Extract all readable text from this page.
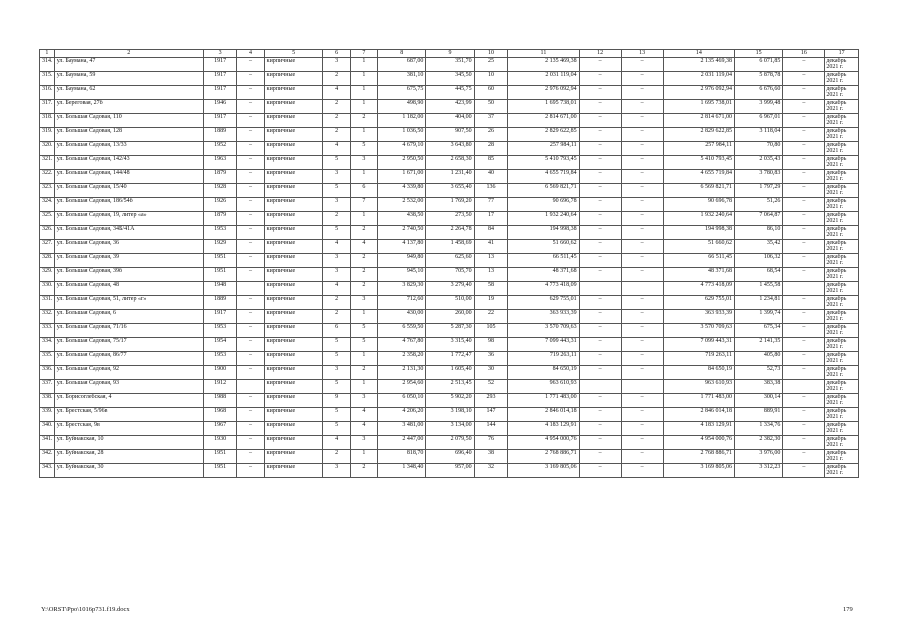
1	2	3	4	5	6	7	8	9	10	11	12	13	14	15	16	17
314.	ул. Баумана, 47	1917	–	кирпичные	3	1	687,00	351,70	25	2 135 469,38	–	–	2 135 469,38	6 071,85	–	декабрь 2021 г.
315.	ул. Баумана, 59	1917	–	кирпичные	2	1	381,10	345,50	10	2 031 119,04	–	–	2 031 119,04	5 878,78	–	декабрь 2021 г.
316.	ул. Баумана, 62	1917	–	кирпичные	4	1	675,75	445,75	60	2 976 092,94	–	–	2 976 092,94	6 676,60	–	декабрь 2021 г.
317.	ул. Береговая, 27б	1946	–	кирпичные	2	1	498,90	423,99	50	1 695 738,01	–	–	1 695 738,01	3 999,48	–	декабрь 2021 г.
318.	ул. Большая Садовая, 110	1917	–	кирпичные	2	2	1 182,00	404,00	37	2 814 671,00	–	–	2 814 671,00	6 967,01	–	декабрь 2021 г.
319.	ул. Большая Садовая, 128	1889	–	кирпичные	2	1	1 036,50	907,50	26	2 829 622,85	–	–	2 829 622,85	3 118,04	–	декабрь 2021 г.
320.	ул. Большая Садовая, 13/33	1952	–	кирпичные	4	5	4 679,10	3 643,80	28	257 984,11	–	–	257 984,11	70,80	–	декабрь 2021 г.
321.	ул. Большая Садовая, 142/43	1963	–	кирпичные	5	3	2 950,50	2 658,30	85	5 410 793,45	–	–	5 410 793,45	2 035,43	–	декабрь 2021 г.
322.	ул. Большая Садовая, 144/48	1879	–	кирпичные	3	1	1 671,00	1 231,40	40	4 655 719,84	–	–	4 655 719,84	3 780,83	–	декабрь 2021 г.
323.	ул. Большая Садовая, 15/40	1928	–	кирпичные	5	6	4 339,80	3 655,40	136	6 569 821,71	–	–	6 569 821,71	1 797,29	–	декабрь 2021 г.
324.	ул. Большая Садовая, 186/54б	1926	–	кирпичные	3	7	2 532,00	1 769,20	77	90 696,78	–	–	90 696,78	51,26	–	декабрь 2021 г.
325.	ул. Большая Садовая, 19, литер «а»	1879	–	кирпичные	2	1	438,50	273,50	17	1 932 240,64	–	–	1 932 240,64	7 064,87	–	декабрь 2021 г.
326.	ул. Большая Садовая, 34Б/41А	1953	–	кирпичные	5	2	2 740,50	2 264,78	84	194 998,38	–	–	194 998,38	86,10	–	декабрь 2021 г.
327.	ул. Большая Садовая, 36	1929	–	кирпичные	4	4	4 137,80	1 458,69	41	51 660,62	–	–	51 660,62	35,42	–	декабрь 2021 г.
328.	ул. Большая Садовая, 39	1951	–	кирпичные	3	2	949,80	625,60	13	66 511,45	–	–	66 511,45	106,32	–	декабрь 2021 г.
329.	ул. Большая Садовая, 39б	1951	–	кирпичные	3	2	945,10	705,70	13	48 371,68	–	–	48 371,68	68,54	–	декабрь 2021 г.
330.	ул. Большая Садовая, 48	1948		кирпичные	4	2	3 829,30	3 279,40	58	4 773 418,09			4 773 418,09	1 455,58		декабрь 2021 г.
331.	ул. Большая Садовая, 51, литер «г»	1889	–	кирпичные	2	3	712,60	510,00	19	629 755,01	–	–	629 755,01	1 234,81	–	декабрь 2021 г.
332.	ул. Большая Садовая, 6	1917	–	кирпичные	2	1	430,00	260,00	22	363 933,39	–	–	363 933,39	1 399,74	–	декабрь 2021 г.
333.	ул. Большая Садовая, 71/16	1953	–	кирпичные	6	5	6 559,50	5 287,30	105	3 570 709,63	–	–	3 570 709,63	675,34	–	декабрь 2021 г.
334.	ул. Большая Садовая, 75/17	1954	–	кирпичные	5	5	4 767,80	3 315,40	98	7 099 443,31	–	–	7 099 443,31	2 141,35	–	декабрь 2021 г.
335.	ул. Большая Садовая, 86/77	1953	–	кирпичные	5	1	2 358,20	1 772,47	36	719 263,11	–	–	719 263,11	405,80	–	декабрь 2021 г.
336.	ул. Большая Садовая, 92	1900	–	кирпичные	3	2	2 131,30	1 605,40	30	84 650,19	–	–	84 650,19	52,73	–	декабрь 2021 г.
337.	ул. Большая Садовая, 93	1912		кирпичные	5	1	2 954,60	2 513,45	52	963 610,93			963 610,93	383,38		декабрь 2021 г.
338.	ул. Борисоглебская, 4	1988	–	кирпичные	9	3	6 050,10	5 902,20	293	1 771 483,00	–	–	1 771 483,00	300,14	–	декабрь 2021 г.
339.	ул. Брестская, 5/96в	1968	–	кирпичные	5	4	4 206,20	3 198,10	147	2 846 014,18	–	–	2 846 014,18	889,91	–	декабрь 2021 г.
340.	ул. Брестская, 9в	1967	–	кирпичные	5	4	3 481,00	3 134,00	144	4 183 129,91	–	–	4 183 129,91	1 334,76	–	декабрь 2021 г.
341.	ул. Буйнакская, 10	1930	–	кирпичные	4	3	2 447,00	2 079,50	76	4 954 000,76	–	–	4 954 000,76	2 382,30	–	декабрь 2021 г.
342.	ул. Буйнакская, 28	1951	–	кирпичные	2	1	818,70	696,40	38	2 768 886,71	–	–	2 768 886,71	3 976,00	–	декабрь 2021 г.
343.	ул. Буйнакская, 30	1951	–	кирпичные	3	2	1 348,40	957,00	32	3 169 805,06	–	–	3 169 805,06	3 312,23	–	декабрь 2021 г.
Y:\ORST\Ppo\1016p731.f19.docx	179
